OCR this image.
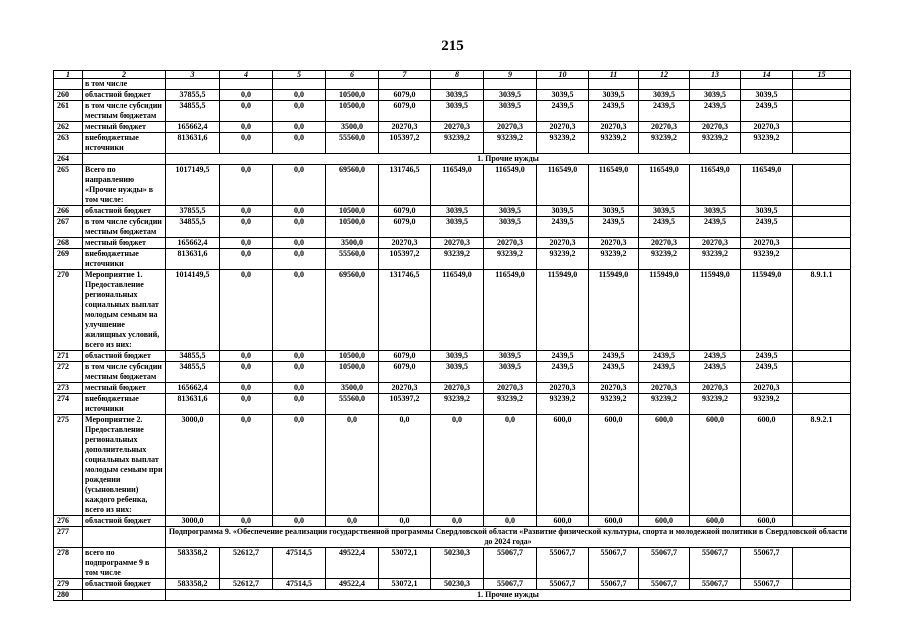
215
1	2	3	4	5	6	7	8	9	10	11	12	13	14	15
	в том числе													
260	областной бюджет	37855,5	0,0	0,0	10500,0	6079,0	3039,5	3039,5	3039,5	3039,5	3039,5	3039,5	3039,5	
261	в том числе субсидии местным бюджетам	34855,5	0,0	0,0	10500,0	6079,0	3039,5	3039,5	2439,5	2439,5	2439,5	2439,5	2439,5	
262	местный бюджет	165662,4	0,0	0,0	3500,0	20270,3	20270,3	20270,3	20270,3	20270,3	20270,3	20270,3	20270,3	
263	внебюджетные источники	813631,6	0,0	0,0	55560,0	105397,2	93239,2	93239,2	93239,2	93239,2	93239,2	93239,2	93239,2	
264		1. Прочие нужды												
265	Всего по направлению «Прочие нужды» в том числе:	1017149,5	0,0	0,0	69560,0	131746,5	116549,0	116549,0	116549,0	116549,0	116549,0	116549,0	116549,0	
266	областной бюджет	37855,5	0,0	0,0	10500,0	6079,0	3039,5	3039,5	3039,5	3039,5	3039,5	3039,5	3039,5	
267	в том числе субсидии местным бюджетам	34855,5	0,0	0,0	10500,0	6079,0	3039,5	3039,5	2439,5	2439,5	2439,5	2439,5	2439,5	
268	местный бюджет	165662,4	0,0	0,0	3500,0	20270,3	20270,3	20270,3	20270,3	20270,3	20270,3	20270,3	20270,3	
269	внебюджетные источники	813631,6	0,0	0,0	55560,0	105397,2	93239,2	93239,2	93239,2	93239,2	93239,2	93239,2	93239,2	
270	Мероприятие 1. Предоставление региональных социальных выплат молодым семьям на улучшение жилищных условий, всего из них:	1014149,5	0,0	0,0	69560,0	131746,5	116549,0	116549,0	115949,0	115949,0	115949,0	115949,0	115949,0	8.9.1.1
271	областной бюджет	34855,5	0,0	0,0	10500,0	6079,0	3039,5	3039,5	2439,5	2439,5	2439,5	2439,5	2439,5	
272	в том числе субсидии местным бюджетам	34855,5	0,0	0,0	10500,0	6079,0	3039,5	3039,5	2439,5	2439,5	2439,5	2439,5	2439,5	
273	местный бюджет	165662,4	0,0	0,0	3500,0	20270,3	20270,3	20270,3	20270,3	20270,3	20270,3	20270,3	20270,3	
274	внебюджетные источники	813631,6	0,0	0,0	55560,0	105397,2	93239,2	93239,2	93239,2	93239,2	93239,2	93239,2	93239,2	
275	Мероприятие 2. Предоставление региональных дополнительных социальных выплат молодым семьям при рождении (усыновлении) каждого ребенка, всего из них:	3000,0	0,0	0,0	0,0	0,0	0,0	0,0	600,0	600,0	600,0	600,0	600,0	8.9.2.1
276	областной бюджет	3000,0	0,0	0,0	0,0	0,0	0,0	0,0	600,0	600,0	600,0	600,0	600,0	
277		Подпрограмма 9. «Обеспечение реализации государственной программы Свердловской области «Развитие физической культуры, спорта и молодежной политики в Свердловской области до 2024 года»												
278	всего по подпрограмме 9 в том числе	583358,2	52612,7	47514,5	49522,4	53072,1	50230,3	55067,7	55067,7	55067,7	55067,7	55067,7	55067,7	
279	областной бюджет	583358,2	52612,7	47514,5	49522,4	53072,1	50230,3	55067,7	55067,7	55067,7	55067,7	55067,7	55067,7	
280		1. Прочие нужды												
